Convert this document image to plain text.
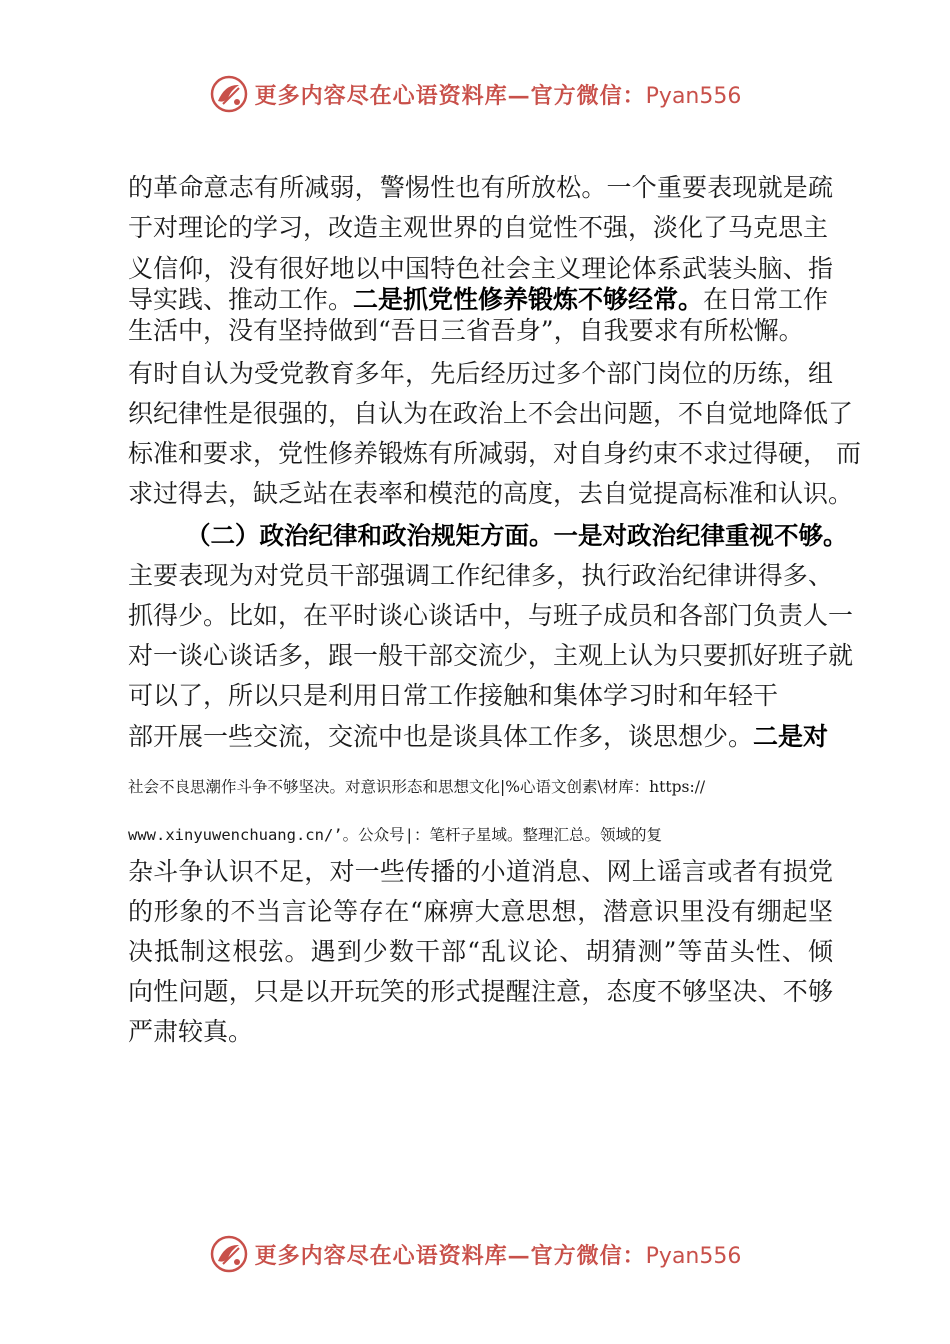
更多内容尽在心语资料库—官方微信：Pyan556
的革命意志有所减弱，警惕性也有所放松。一个重要表现就是疏
于对理论的学习，改造主观世界的自觉性不强，淡化了马克思主
义信仰，没有很好地以中国特色社会主义理论体系武装头脑、指
导实践、推动工作。二是抓党性修养锻炼不够经常。在日常工作
生活中，没有坚持做到“吾日三省吾身”，自我要求有所松懈。
有时自认为受党教育多年，先后经历过多个部门岗位的历练，组
织纪律性是很强的，自认为在政治上不会出问题，不自觉地降低了
标准和要求，党性修养锻炼有所减弱，对自身约束不求过得硬， 而
求过得去，缺乏站在表率和模范的高度，去自觉提高标准和认识。
（二）政治纪律和政治规矩方面。一是对政治纪律重视不够。
主要表现为对党员干部强调工作纪律多，执行政治纪律讲得多、
抓得少。比如，在平时谈心谈话中，与班子成员和各部门负责人一
对一谈心谈话多，跟一般干部交流少，主观上认为只要抓好班子就
可以了，所以只是利用日常工作接触和集体学习时和年轻干
部开展一些交流，交流中也是谈具体工作多，谈思想少。二是对
社会不良思潮作斗争不够坚决。对意识形态和思想文化|%心语文创素\材库：https://
www.xinyuwenchuang.cn/’。公众号|：笔杆子星域。整理汇总。领域的复
杂斗争认识不足，对一些传播的小道消息、网上谣言或者有损党
的形象的不当言论等存在“麻痹大意思想，潜意识里没有绷起坚
决抵制这根弦。遇到少数干部“乱议论、胡猜测”等苗头性、倾
向性问题，只是以开玩笑的形式提醒注意，态度不够坚决、不够
严肃较真。
更多内容尽在心语资料库—官方微信：Pyan556
